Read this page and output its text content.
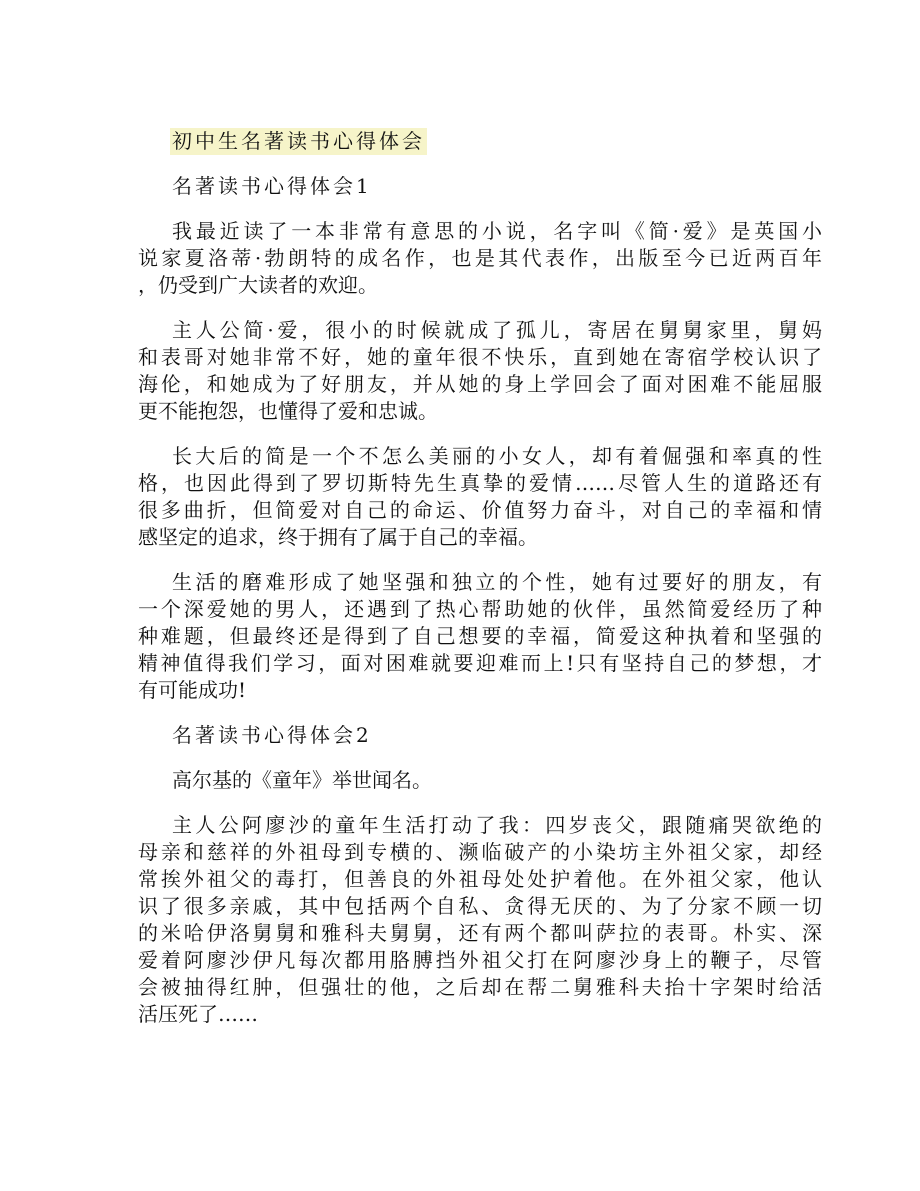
初中生名著读书心得体会
名著读书心得体会1
我最近读了一本非常有意思的小说，名字叫《简·爱》是英国小
说家夏洛蒂·勃朗特的成名作，也是其代表作，出版至今已近两百年
，仍受到广大读者的欢迎。
主人公简·爱，很小的时候就成了孤儿，寄居在舅舅家里，舅妈
和表哥对她非常不好，她的童年很不快乐，直到她在寄宿学校认识了
海伦，和她成为了好朋友，并从她的身上学回会了面对困难不能屈服
更不能抱怨，也懂得了爱和忠诚。
长大后的简是一个不怎么美丽的小女人，却有着倔强和率真的性
格，也因此得到了罗切斯特先生真挚的爱情……尽管人生的道路还有
很多曲折，但简爱对自己的命运、价值努力奋斗，对自己的幸福和情
感坚定的追求，终于拥有了属于自己的幸福。
生活的磨难形成了她坚强和独立的个性，她有过要好的朋友，有
一个深爱她的男人，还遇到了热心帮助她的伙伴，虽然简爱经历了种
种难题，但最终还是得到了自己想要的幸福，简爱这种执着和坚强的
精神值得我们学习，面对困难就要迎难而上!只有坚持自己的梦想，才
有可能成功!
名著读书心得体会2
高尔基的《童年》举世闻名。
主人公阿廖沙的童年生活打动了我：四岁丧父，跟随痛哭欲绝的
母亲和慈祥的外祖母到专横的、濒临破产的小染坊主外祖父家，却经
常挨外祖父的毒打，但善良的外祖母处处护着他。在外祖父家，他认
识了很多亲戚，其中包括两个自私、贪得无厌的、为了分家不顾一切
的米哈伊洛舅舅和雅科夫舅舅，还有两个都叫萨拉的表哥。朴实、深
爱着阿廖沙伊凡每次都用胳膊挡外祖父打在阿廖沙身上的鞭子，尽管
会被抽得红肿，但强壮的他，之后却在帮二舅雅科夫抬十字架时给活
活压死了……
